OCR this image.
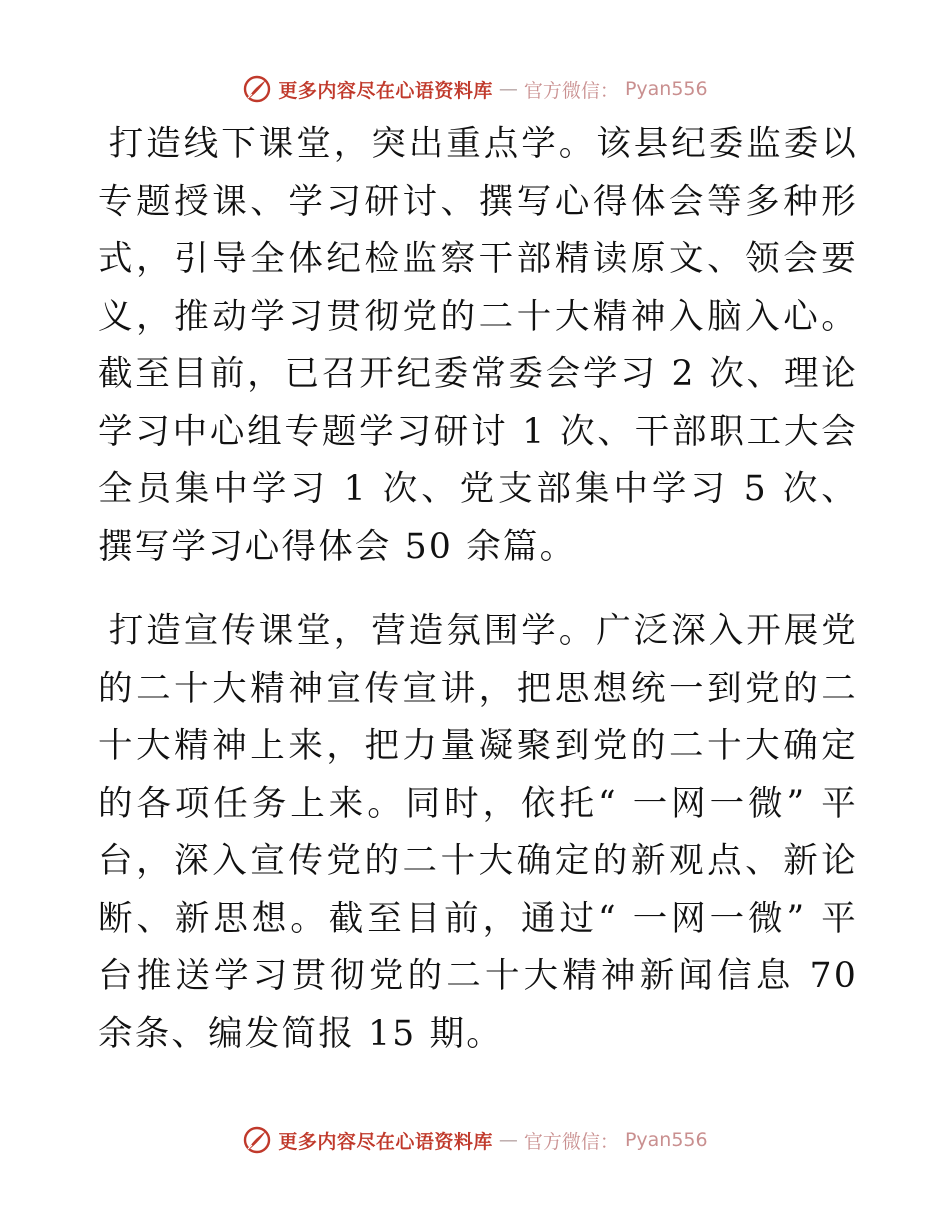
更多内容尽在心语资料库 — 官方微信： Pyan556

打造线下课堂，突出重点学。该县纪委监委以专题授课、学习研讨、撰写心得体会等多种形式，引导全体纪检监察干部精读原文、领会要义，推动学习贯彻党的二十大精神入脑入心。截至目前，已召开纪委常委会学习 2 次、理论学习中心组专题学习研讨 1 次、干部职工大会全员集中学习 1 次、党支部集中学习 5 次、撰写学习心得体会 50 余篇。

打造宣传课堂，营造氛围学。广泛深入开展党的二十大精神宣传宣讲，把思想统一到党的二十大精神上来，把力量凝聚到党的二十大确定的各项任务上来。同时，依托“ 一网一微” 平台，深入宣传党的二十大确定的新观点、新论断、新思想。截至目前，通过“ 一网一微” 平台推送学习贯彻党的二十大精神新闻信息 70 余条、编发简报 15 期。

更多内容尽在心语资料库 — 官方微信： Pyan556
